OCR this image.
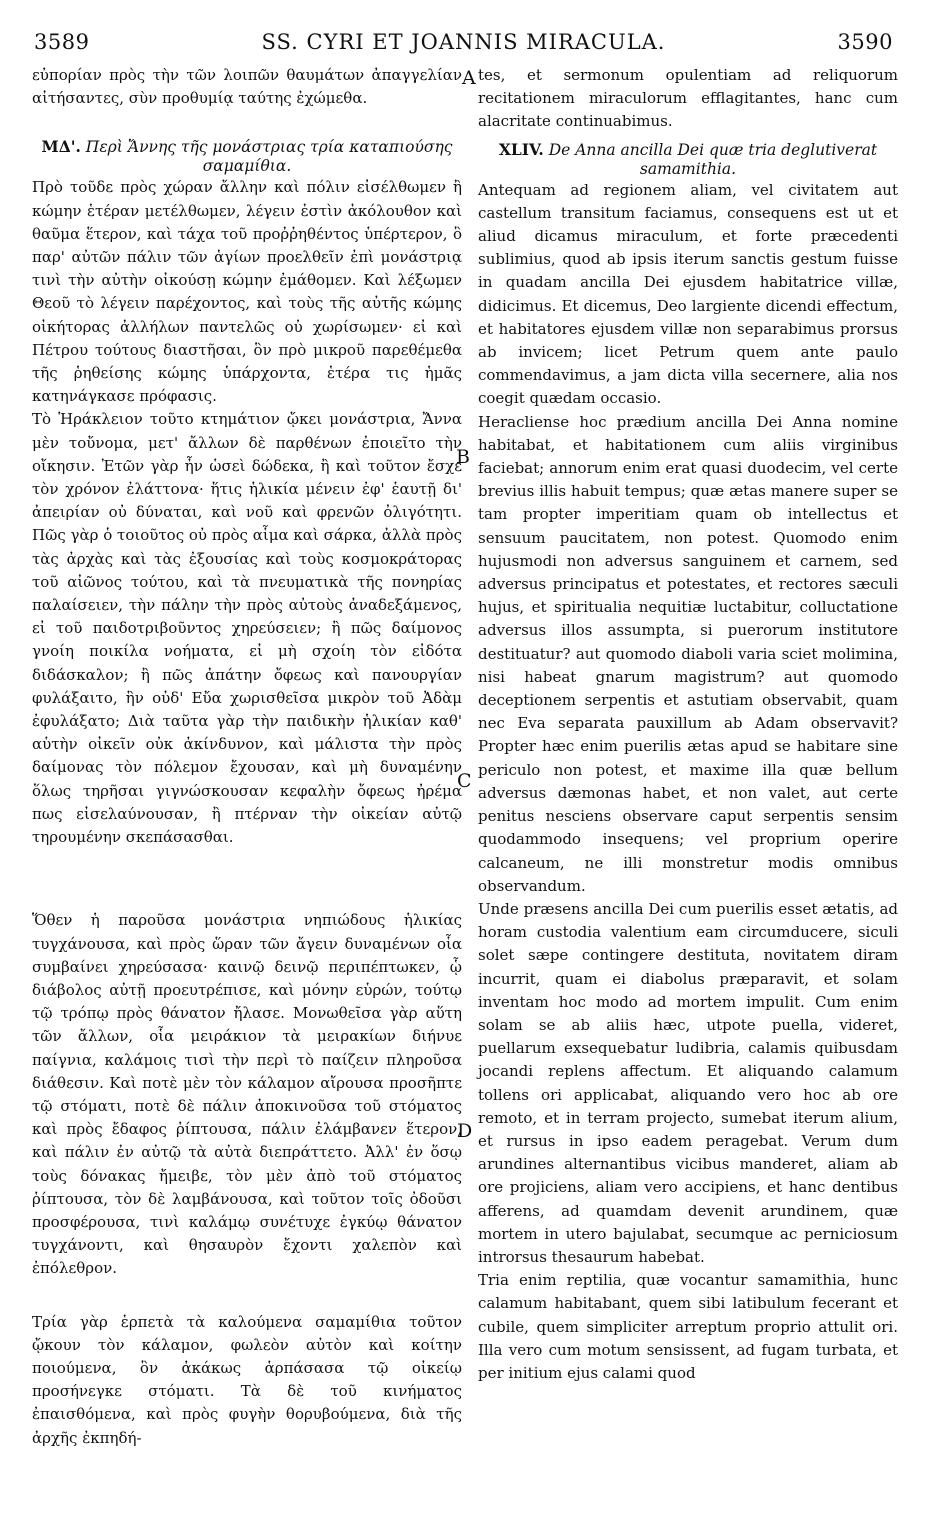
3589	SS. CYRI ET JOANNIS MIRACULA.	3590
A
B
C
D

εὐπορίαν πρὸς τὴν τῶν λοιπῶν θαυμάτων ἀπαγγελίαν αἰτήσαντες, σὺν προθυμίᾳ ταύτης ἐχώμεθα.

ΜΔ'. Περὶ Ἄννης τῆς μονάστριας τρία καταπιούσης σαμαμίθια.

Πρὸ τοῦδε πρὸς χώραν ἄλλην καὶ πόλιν εἰσέλθωμεν ἢ κώμην ἑτέραν μετέλθωμεν, λέγειν ἐστὶν ἀκόλουθον καὶ θαῦμα ἕτερον, καὶ τάχα τοῦ προῤῥηθέντος ὑπέρτερον, ὃ παρ' αὐτῶν πάλιν τῶν ἁγίων προελθεῖν ἐπὶ μονάστριᾳ τινὶ τὴν αὐτὴν οἰκούσῃ κώμην ἐμάθομεν. Καὶ λέξωμεν Θεοῦ τὸ λέγειν παρέχοντος, καὶ τοὺς τῆς αὐτῆς κώμης οἰκήτορας ἀλλήλων παντελῶς οὐ χωρίσωμεν· εἰ καὶ Πέτρου τούτους διαστῆσαι, ὃν πρὸ μικροῦ παρεθέμεθα τῆς ῥηθείσης κώμης ὑπάρχοντα, ἑτέρα τις ἡμᾶς κατηνάγκασε πρόφασις.

Τὸ Ἡράκλειον τοῦτο κτημάτιον ᾤκει μονάστρια, Ἄννα μὲν τοὔνομα, μετ' ἄλλων δὲ παρθένων ἐποιεῖτο τὴν οἴκησιν. Ἐτῶν γὰρ ἦν ὡσεὶ δώδεκα, ἢ καὶ τοῦτον ἔσχε τὸν χρόνον ἐλάττονα· ἥτις ἡλικία μένειν ἐφ' ἑαυτῇ δι' ἀπειρίαν οὐ δύναται, καὶ νοῦ καὶ φρενῶν ὀλιγότητι. Πῶς γὰρ ὁ τοιοῦτος οὐ πρὸς αἷμα καὶ σάρκα, ἀλλὰ πρὸς τὰς ἀρχὰς καὶ τὰς ἐξουσίας καὶ τοὺς κοσμοκράτορας τοῦ αἰῶνος τούτου, καὶ τὰ πνευματικὰ τῆς πονηρίας παλαίσειεν, τὴν πάλην τὴν πρὸς αὐτοὺς ἀναδεξάμενος, εἰ τοῦ παιδοτριβοῦντος χηρεύσειεν; ἢ πῶς δαίμονος γνοίη ποικίλα νοήματα, εἰ μὴ σχοίη τὸν εἰδότα διδάσκαλον; ἢ πῶς ἀπάτην ὄφεως καὶ πανουργίαν φυλάξαιτο, ἣν οὐδ' Εὔα χωρισθεῖσα μικρὸν τοῦ Ἀδὰμ ἐφυλάξατο; Διὰ ταῦτα γὰρ τὴν παιδικὴν ἡλικίαν καθ' αὑτὴν οἰκεῖν οὐκ ἀκίνδυνον, καὶ μάλιστα τὴν πρὸς δαίμονας τὸν πόλεμον ἔχουσαν, καὶ μὴ δυναμένην ὅλως τηρῆσαι γιγνώσκουσαν κεφαλὴν ὄφεως ἠρέμα πως εἰσελαύνουσαν, ἢ πτέρναν τὴν οἰκείαν αὐτῷ τηρουμένην σκεπάσασθαι.

Ὅθεν ἡ παροῦσα μονάστρια νηπιώδους ἡλικίας τυγχάνουσα, καὶ πρὸς ὥραν τῶν ἄγειν δυναμένων οἷα συμβαίνει χηρεύσασα· καινῷ δεινῷ περιπέπτωκεν, ᾧ διάβολος αὐτῇ προευτρέπισε, καὶ μόνην εὑρών, τούτῳ τῷ τρόπῳ πρὸς θάνατον ἤλασε. Μονωθεῖσα γὰρ αὕτη τῶν ἄλλων, οἷα μειράκιον τὰ μειρακίων διήνυε παίγνια, καλάμοις τισὶ τὴν περὶ τὸ παίζειν πληροῦσα διάθεσιν. Καὶ ποτὲ μὲν τὸν κάλαμον αἴρουσα προσῆπτε τῷ στόματι, ποτὲ δὲ πάλιν ἀποκινοῦσα τοῦ στόματος καὶ πρὸς ἔδαφος ῥίπτουσα, πάλιν ἐλάμβανεν ἕτερον, καὶ πάλιν ἐν αὐτῷ τὰ αὐτὰ διεπράττετο. Ἀλλ' ἐν ὅσῳ τοὺς δόνακας ἤμειβε, τὸν μὲν ἀπὸ τοῦ στόματος ῥίπτουσα, τὸν δὲ λαμβάνουσα, καὶ τοῦτον τοῖς ὀδοῦσι προσφέρουσα, τινὶ καλάμῳ συνέτυχε ἐγκύῳ θάνατον τυγχάνοντι, καὶ θησαυρὸν ἔχοντι χαλεπὸν καὶ ἐπόλεθρον.

Τρία γὰρ ἑρπετὰ τὰ καλούμενα σαμαμίθια τοῦτον ᾤκουν τὸν κάλαμον, φωλεὸν αὐτὸν καὶ κοίτην ποιούμενα, ὃν ἀκάκως ἁρπάσασα τῷ οἰκείῳ προσήνεγκε στόματι. Τὰ δὲ τοῦ κινήματος ἐπαισθόμενα, καὶ πρὸς φυγὴν θορυβούμενα, διὰ τῆς ἀρχῆς ἐκπηδή-

tes, et sermonum opulentiam ad reliquorum recitationem miraculorum efflagitantes, hanc cum alacritate continuabimus.

XLIV. De Anna ancilla Dei quæ tria deglutiverat samamithia.

Antequam ad regionem aliam, vel civitatem aut castellum transitum faciamus, consequens est ut et aliud dicamus miraculum, et forte præcedenti sublimius, quod ab ipsis iterum sanctis gestum fuisse in quadam ancilla Dei ejusdem habitatrice villæ, didicimus. Et dicemus, Deo largiente dicendi effectum, et habitatores ejusdem villæ non separabimus prorsus ab invicem; licet Petrum quem ante paulo commendavimus, a jam dicta villa secernere, alia nos coegit quædam occasio.

Heracliense hoc prædium ancilla Dei Anna nomine habitabat, et habitationem cum aliis virginibus faciebat; annorum enim erat quasi duodecim, vel certe brevius illis habuit tempus; quæ ætas manere super se tam propter imperitiam quam ob intellectus et sensuum paucitatem, non potest. Quomodo enim hujusmodi non adversus sanguinem et carnem, sed adversus principatus et potestates, et rectores sæculi hujus, et spiritualia nequitiæ luctabitur, colluctatione adversus illos assumpta, si puerorum institutore destituatur? aut quomodo diaboli varia sciet molimina, nisi habeat gnarum magistrum? aut quomodo deceptionem serpentis et astutiam observabit, quam nec Eva separata pauxillum ab Adam observavit? Propter hæc enim puerilis ætas apud se habitare sine periculo non potest, et maxime illa quæ bellum adversus dæmonas habet, et non valet, aut certe penitus nesciens observare caput serpentis sensim quodammodo insequens; vel proprium operire calcaneum, ne illi monstretur modis omnibus observandum.

Unde præsens ancilla Dei cum puerilis esset ætatis, ad horam custodia valentium eam circumducere, siculi solet sæpe contingere destituta, novitatem diram incurrit, quam ei diabolus præparavit, et solam inventam hoc modo ad mortem impulit. Cum enim solam se ab aliis hæc, utpote puella, videret, puellarum exsequebatur ludibria, calamis quibusdam jocandi replens affectum. Et aliquando calamum tollens ori applicabat, aliquando vero hoc ab ore remoto, et in terram projecto, sumebat iterum alium, et rursus in ipso eadem peragebat. Verum dum arundines alternantibus vicibus manderet, aliam ab ore projiciens, aliam vero accipiens, et hanc dentibus afferens, ad quamdam devenit arundinem, quæ mortem in utero bajulabat, secumque ac perniciosum introrsus thesaurum habebat.

Tria enim reptilia, quæ vocantur samamithia, hunc calamum habitabant, quem sibi latibulum fecerant et cubile, quem simpliciter arreptum proprio attulit ori. Illa vero cum motum sensissent, ad fugam turbata, et per initium ejus calami quod
